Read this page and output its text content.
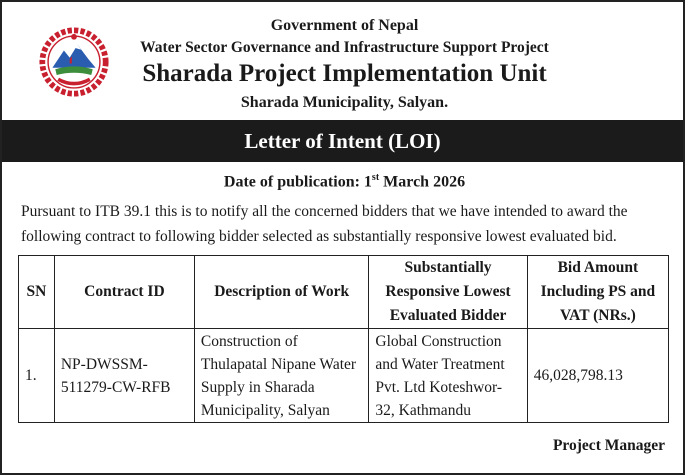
Government of Nepal
Water Sector Governance and Infrastructure Support Project
Sharada Project Implementation Unit
Sharada Municipality, Salyan.
Letter of Intent (LOI)
Date of publication: 1st March 2026
Pursuant to ITB 39.1 this is to notify all the concerned bidders that we have intended to award the following contract to following bidder selected as substantially responsive lowest evaluated bid.
SN	Contract ID	Description of Work	Substantially Responsive Lowest Evaluated Bidder	Bid Amount Including PS and VAT (NRs.)
1.	NP-DWSSM-511279-CW-RFB	Construction of Thulapatal Nipane Water Supply in Sharada Municipality, Salyan	Global Construction and Water Treatment Pvt. Ltd Koteshwor-32, Kathmandu	46,028,798.13
Project Manager
